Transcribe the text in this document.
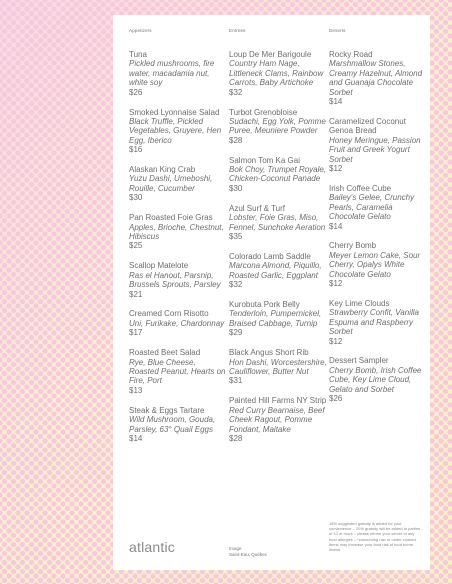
Appetizers
Tuna
Pickled mushrooms, fire water, macadamia nut, white soy
$26
Smoked Lyonnaise Salad
Black Truffle, Pickled Vegetables, Gruyere, Hen Egg, Iberico
$16
Alaskan King Crab
Yuzu Dashi, Umeboshi, Rouille, Cucumber
$30
Pan Roasted Foie Gras
Apples, Brioche, Chestnut, Hibiscus
$25
Scallop Matelote
Ras el Hanout, Parsnip, Brussels Sprouts, Parsley
$21
Creamed Corn Risotto
Uni, Furikake, Chardonnay
$17
Roasted Beet Salad
Rye, Blue Cheese, Roasted Peanut, Hearts on Fire, Port
$13
Steak & Eggs Tartare
Wild Mushroom, Gouda, Parsley, 63° Quail Eggs
$14
Entrees
Loup De Mer Barigoule
Country Ham Nage, Littleneck Clams, Rainbow Carrots, Baby Artichoke
$32
Turbot Grenobloise
Sudachi, Egg Yolk, Pomme Puree, Meuniere Powder
$28
Salmon Tom Ka Gai
Bok Choy, Trumpet Royale, Chicken-Coconut Panade
$30
Azul Surf & Turf
Lobster, Foie Gras, Miso, Fennel, Sunchoke Aeration
$35
Colorado Lamb Saddle
Marcona Almond, Piquillo, Roasted Garlic, Eggplant
$32
Kurobuta Pork Belly
Tenderloin, Pumpernickel, Braised Cabbage, Turnip
$29
Black Angus Short Rib
Hon Dashi, Worcestershire, Cauliflower, Butter Nut
$31
Painted Hill Farms NY Strip
Red Curry Bearnaise, Beef Cheek Ragout, Pomme Fondant, Maitake
$28
Deserts
Rocky Road
Marshmallow Stones, Creamy Hazelnut, Almond and Guanaja Chocolate Sorbet
$14
Caramelized Coconut Genoa Bread
Honey Meringue, Passion Fruit and Greek Yogurt Sorbet
$12
Irish Coffee Cube
Bailey's Gelee, Crunchy Pearls, Caramelia Chocolate Gelato
$14
Cherry Bomb
Meyer Lemon Cake, Sour Cherry, Opalys White Chocolate Gelato
$12
Key Lime Clouds
Strawberry Confit, Vanilla Espuma and Raspberry Sorbet
$12
Dessert Sampler
Cherry Bomb, Irish Coffee Cube, Key Lime Cloud, Gelato and Sorbet
$26
atlantic	Image
Saint-Eau, Québec
18% suggested gratuity is added for your convenience – 20% gratuity will be added to parties of 10 or more – please inform your server of any food allergies – *consuming raw or under cooked items may increase your food risk of food borne illness
